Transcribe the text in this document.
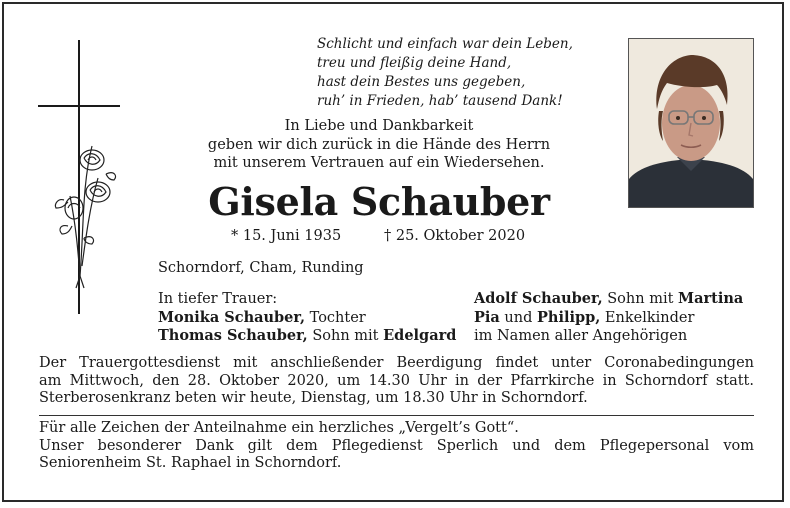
Schlicht und einfach war dein Leben,
treu und fleißig deine Hand,
hast dein Bestes uns gegeben,
ruh’ in Frieden, hab’ tausend Dank!
In Liebe und Dankbarkeit
geben wir dich zurück in die Hände des Herrn
mit unserem Vertrauen auf ein Wiedersehen.
Gisela Schauber
* 15. Juni 1935	† 25. Oktober 2020
Schorndorf, Cham, Runding
In tiefer Trauer:
Monika Schauber, Tochter
Thomas Schauber, Sohn mit Edelgard
Adolf Schauber, Sohn mit Martina
Pia und Philipp, Enkelkinder
im Namen aller Angehörigen
Der Trauergottesdienst mit anschließender Beerdigung findet unter Coronabedingungen
am Mittwoch, den 28. Oktober 2020, um 14.30 Uhr in der Pfarrkirche in Schorndorf statt.
Sterberosenkranz beten wir heute, Dienstag, um 18.30 Uhr in Schorndorf.
Für alle Zeichen der Anteilnahme ein herzliches „Vergelt’s Gott“.
Unser besonderer Dank gilt dem Pflegedienst Sperlich und dem Pflegepersonal vom
Seniorenheim St. Raphael in Schorndorf.
